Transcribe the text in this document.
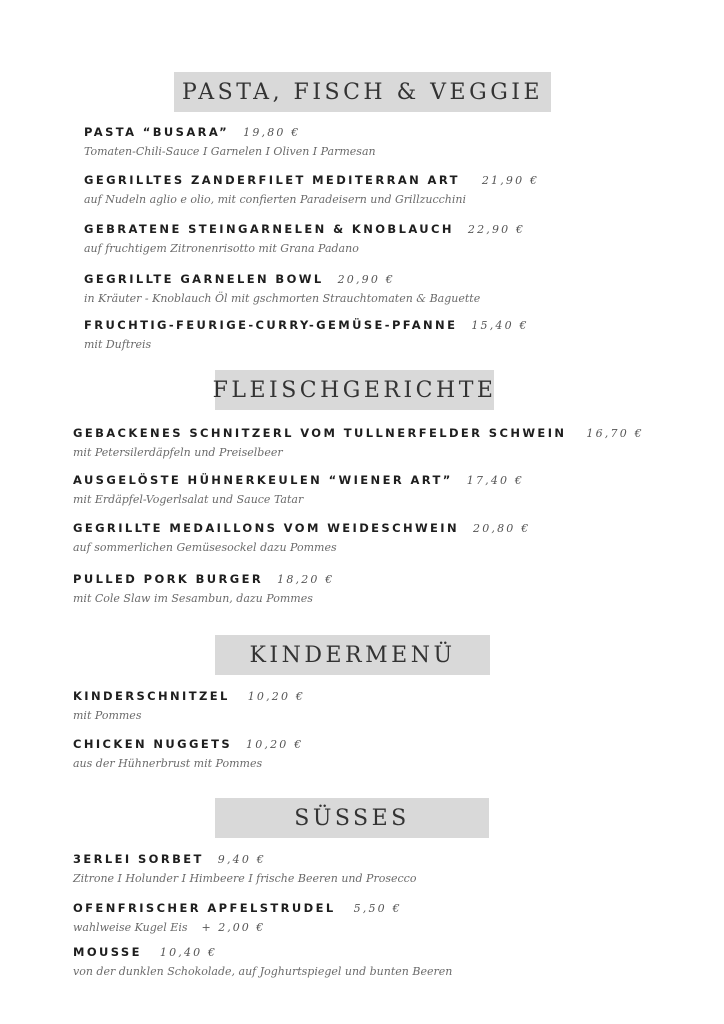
PASTA, FISCH & VEGGIE
PASTA “BUSARA” 19,80 €
Tomaten-Chili-Sauce I Garnelen I Oliven I Parmesan
GEGRILLTES ZANDERFILET MEDITERRAN ART 21,90 €
auf Nudeln aglio e olio, mit confierten Paradeisern und Grillzucchini
GEBRATENE STEINGARNELEN & KNOBLAUCH 22,90 €
auf fruchtigem Zitronenrisotto mit Grana Padano
GEGRILLTE GARNELEN BOWL 20,90 €
in Kräuter - Knoblauch Öl mit gschmorten Strauchtomaten & Baguette
FRUCHTIG-FEURIGE-CURRY-GEMÜSE-PFANNE 15,40 €
mit Duftreis
FLEISCHGERICHTE
GEBACKENES SCHNITZERL VOM TULLNERFELDER SCHWEIN 16,70 €
mit Petersilerdäpfeln und Preiselbeer
AUSGELÖSTE HÜHNERKEULEN “WIENER ART” 17,40 €
mit Erdäpfel-Vogerlsalat und Sauce Tatar
GEGRILLTE MEDAILLONS VOM WEIDESCHWEIN 20,80 €
auf sommerlichen Gemüsesockel dazu Pommes
PULLED PORK BURGER 18,20 €
mit Cole Slaw im Sesambun, dazu Pommes
KINDERMENÜ
KINDERSCHNITZEL 10,20 €
mit Pommes
CHICKEN NUGGETS 10,20 €
aus der Hühnerbrust mit Pommes
SÜSSES
3ERLEI SORBET 9,40 €
Zitrone I Holunder I Himbeere I frische Beeren und Prosecco
OFENFRISCHER APFELSTRUDEL 5,50 €
wahlweise Kugel Eis + 2,00 €
MOUSSE 10,40 €
von der dunklen Schokolade, auf Joghurtspiegel und bunten Beeren
